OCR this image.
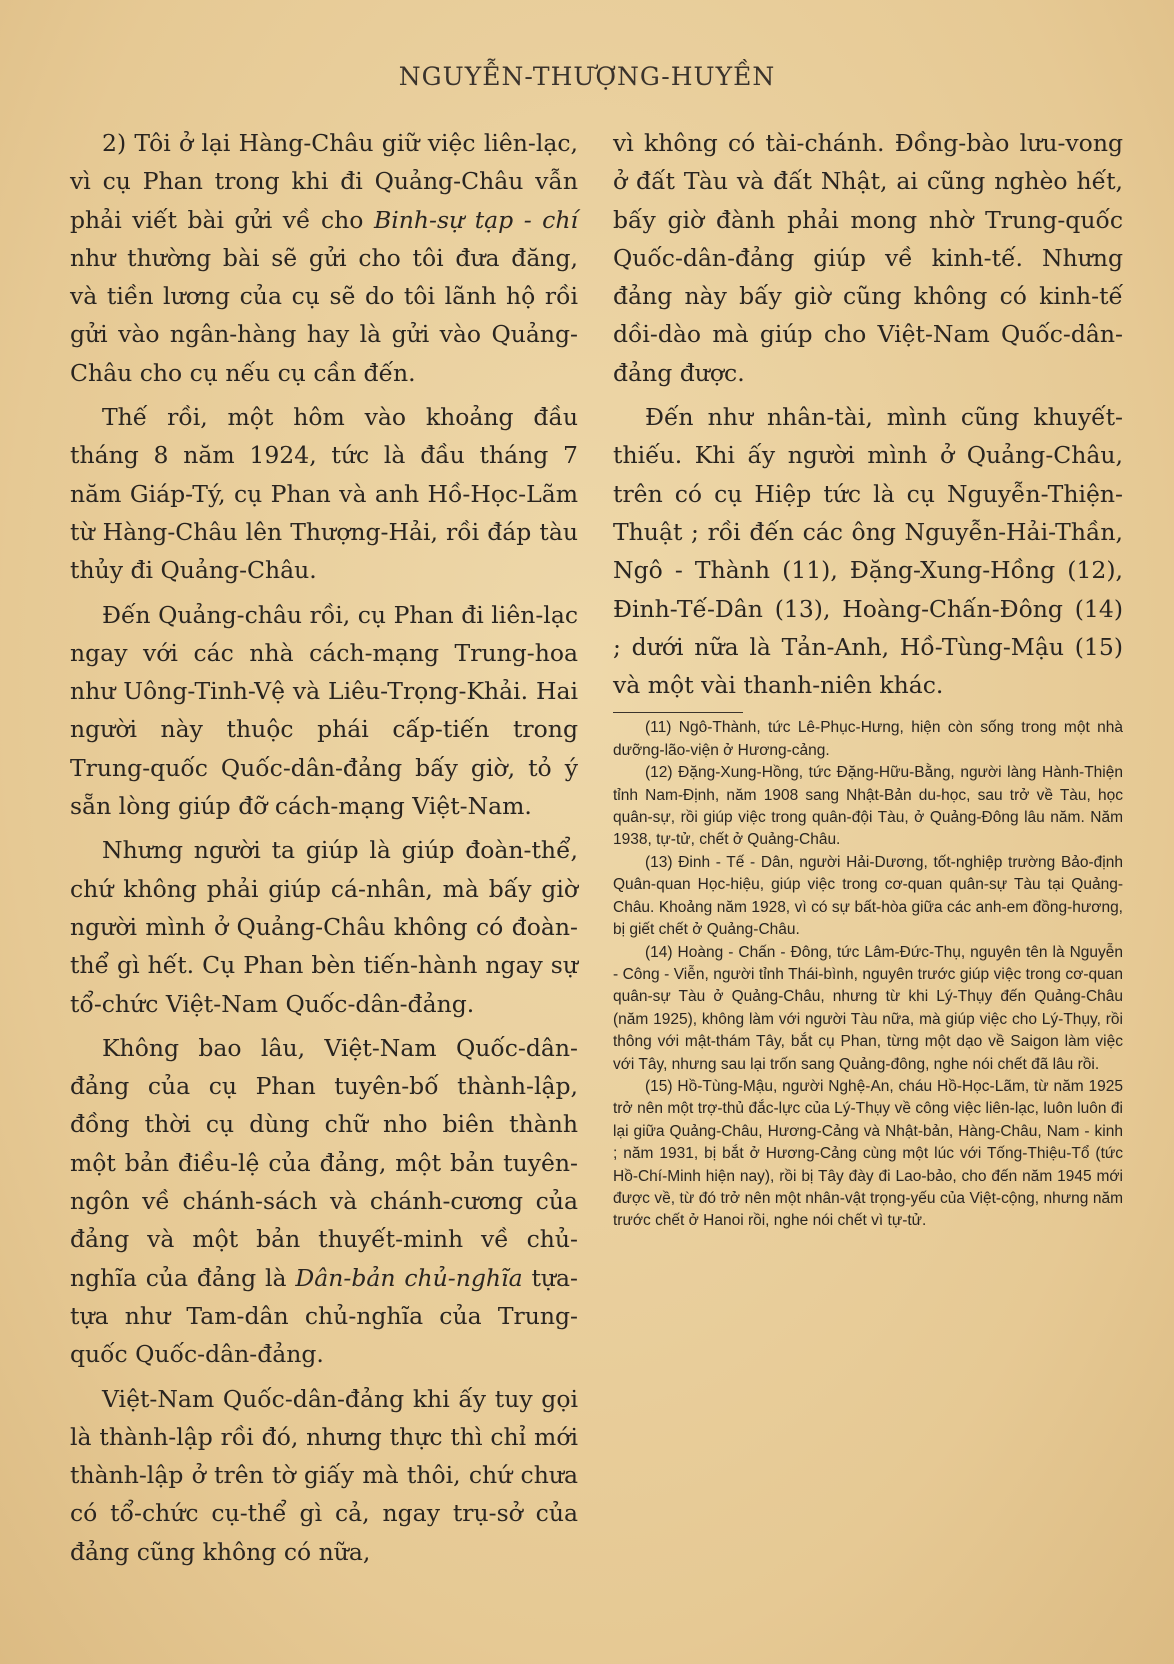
NGUYỄN-THƯỢNG-HUYỀN

2) Tôi ở lại Hàng-Châu giữ việc liên-lạc, vì cụ Phan trong khi đi Quảng-Châu vẫn phải viết bài gửi về cho Binh-sự tạp - chí như thường bài sẽ gửi cho tôi đưa đăng, và tiền lương của cụ sẽ do tôi lãnh hộ rồi gửi vào ngân-hàng hay là gửi vào Quảng-Châu cho cụ nếu cụ cần đến.

Thế rồi, một hôm vào khoảng đầu tháng 8 năm 1924, tức là đầu tháng 7 năm Giáp-Tý, cụ Phan và anh Hồ-Học-Lãm từ Hàng-Châu lên Thượng-Hải, rồi đáp tàu thủy đi Quảng-Châu.

Đến Quảng-châu rồi, cụ Phan đi liên-lạc ngay với các nhà cách-mạng Trung-hoa như Uông-Tinh-Vệ và Liêu-Trọng-Khải. Hai người này thuộc phái cấp-tiến trong Trung-quốc Quốc-dân-đảng bấy giờ, tỏ ý sẵn lòng giúp đỡ cách-mạng Việt-Nam.

Nhưng người ta giúp là giúp đoàn-thể, chứ không phải giúp cá-nhân, mà bấy giờ người mình ở Quảng-Châu không có đoàn-thể gì hết. Cụ Phan bèn tiến-hành ngay sự tổ-chức Việt-Nam Quốc-dân-đảng.

Không bao lâu, Việt-Nam Quốc-dân-đảng của cụ Phan tuyên-bố thành-lập, đồng thời cụ dùng chữ nho biên thành một bản điều-lệ của đảng, một bản tuyên-ngôn về chánh-sách và chánh-cương của đảng và một bản thuyết-minh về chủ-nghĩa của đảng là Dân-bản chủ-nghĩa tựa-tựa như Tam-dân chủ-nghĩa của Trung-quốc Quốc-dân-đảng.

Việt-Nam Quốc-dân-đảng khi ấy tuy gọi là thành-lập rồi đó, nhưng thực thì chỉ mới thành-lập ở trên tờ giấy mà thôi, chứ chưa có tổ-chức cụ-thể gì cả, ngay trụ-sở của đảng cũng không có nữa,

vì không có tài-chánh. Đồng-bào lưu-vong ở đất Tàu và đất Nhật, ai cũng nghèo hết, bấy giờ đành phải mong nhờ Trung-quốc Quốc-dân-đảng giúp về kinh-tế. Nhưng đảng này bấy giờ cũng không có kinh-tế dồi-dào mà giúp cho Việt-Nam Quốc-dân-đảng được.

Đến như nhân-tài, mình cũng khuyết-thiếu. Khi ấy người mình ở Quảng-Châu, trên có cụ Hiệp tức là cụ Nguyễn-Thiện-Thuật ; rồi đến các ông Nguyễn-Hải-Thần, Ngô - Thành (11), Đặng-Xung-Hồng (12), Đinh-Tế-Dân (13), Hoàng-Chấn-Đông (14) ; dưới nữa là Tản-Anh, Hồ-Tùng-Mậu (15) và một vài thanh-niên khác.

(11) Ngô-Thành, tức Lê-Phục-Hưng, hiện còn sống trong một nhà dưỡng-lão-viện ở Hương-cảng.

(12) Đặng-Xung-Hồng, tức Đặng-Hữu-Bằng, người làng Hành-Thiện tỉnh Nam-Định, năm 1908 sang Nhật-Bản du-học, sau trở về Tàu, học quân-sự, rồi giúp việc trong quân-đội Tàu, ở Quảng-Đông lâu năm. Năm 1938, tự-tử, chết ở Quảng-Châu.

(13) Đinh - Tế - Dân, người Hải-Dương, tốt-nghiệp trường Bảo-định Quân-quan Học-hiệu, giúp việc trong cơ-quan quân-sự Tàu tại Quảng-Châu. Khoảng năm 1928, vì có sự bất-hòa giữa các anh-em đồng-hương, bị giết chết ở Quảng-Châu.

(14) Hoàng - Chấn - Đông, tức Lâm-Đức-Thụ, nguyên tên là Nguyễn - Công - Viễn, người tỉnh Thái-bình, nguyên trước giúp việc trong cơ-quan quân-sự Tàu ở Quảng-Châu, nhưng từ khi Lý-Thụy đến Quảng-Châu (năm 1925), không làm với người Tàu nữa, mà giúp việc cho Lý-Thụy, rồi thông với mật-thám Tây, bắt cụ Phan, từng một dạo về Saigon làm việc với Tây, nhưng sau lại trốn sang Quảng-đông, nghe nói chết đã lâu rồi.

(15) Hồ-Tùng-Mậu, người Nghệ-An, cháu Hồ-Học-Lãm, từ năm 1925 trở nên một trợ-thủ đắc-lực của Lý-Thụy về công việc liên-lạc, luôn luôn đi lại giữa Quảng-Châu, Hương-Cảng và Nhật-bản, Hàng-Châu, Nam - kinh ; năm 1931, bị bắt ở Hương-Cảng cùng một lúc với Tống-Thiệu-Tổ (tức Hồ-Chí-Minh hiện nay), rồi bị Tây đày đi Lao-bảo, cho đến năm 1945 mới được về, từ đó trở nên một nhân-vật trọng-yếu của Việt-cộng, nhưng năm trước chết ở Hanoi rồi, nghe nói chết vì tự-tử.
